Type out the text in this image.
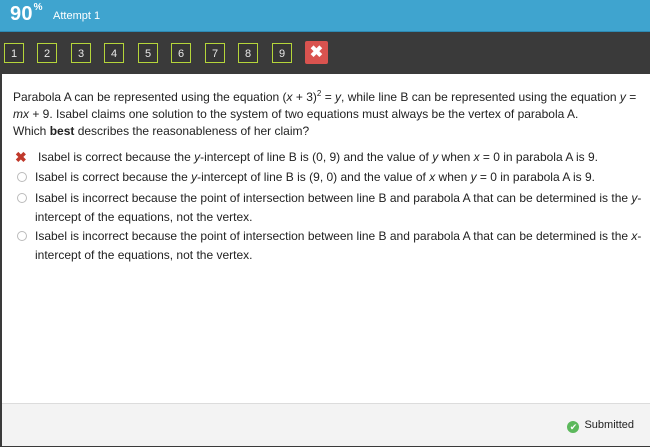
90%
Attempt 1
1	2	3	4	5	6	7	8	9	✖
Parabola A can be represented using the equation $(x + 3)^2 = y$, while line B can be represented using the equation y = mx + 9. Isabel claims one solution to the system of two equations must always be the vertex of parabola A.
Which best describes the reasonableness of her claim?
✖ Isabel is correct because the y-intercept of line B is (0, 9) and the value of y when x = 0 in parabola A is 9.
Isabel is correct because the y-intercept of line B is (9, 0) and the value of x when y = 0 in parabola A is 9.
Isabel is incorrect because the point of intersection between line B and parabola A that can be determined is the y-intercept of the equations, not the vertex.
Isabel is incorrect because the point of intersection between line B and parabola A that can be determined is the x-intercept of the equations, not the vertex.
✔ Submitted
